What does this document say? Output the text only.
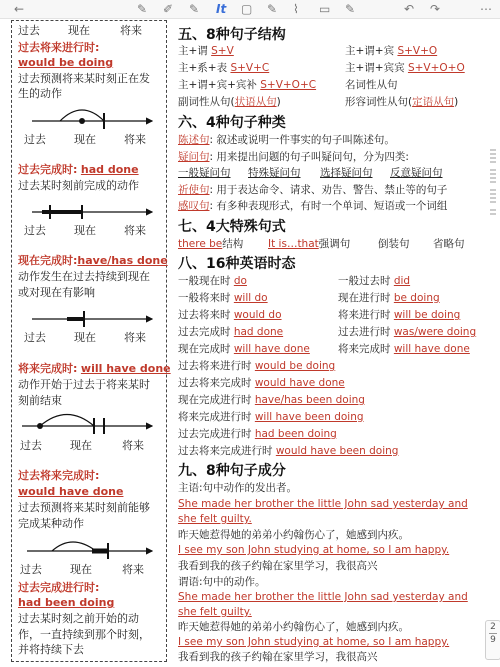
←	✎ ✐ ✎ It ▢ ✎ ⌇ ▭ ✎	↶ ↷	⋯
过去	现在	将来
过去将来进行时:
would be doing
过去预测将来某时刻正在发
生的动作
过去	现在	将来
过去完成时: had done
过去某时刻前完成的动作
过去	现在	将来
现在完成时:have/has done
动作发生在过去持续到现在
或对现在有影响
过去	现在	将来
将来完成时: will have done
动作开始于过去于将来某时
刻前结束
过去	现在	将来
过去将来完成时:
would have done
过去预测将来某时刻前能够
完成某种动作
过去	现在	将来
过去完成进行时:
had been doing
过去某时刻之前开始的动
作，一直持续到那个时刻，
并将持续下去
五、8种句子结构
主+谓 S+V	主+谓+宾 S+V+O
主+系+表 S+V+C	主+谓+宾宾 S+V+O+O
主+谓+宾+宾补 S+V+O+C	名词性从句
副词性从句(状语从句)	形容词性从句(定语从句)
六、4种句子种类
陈述句: 叙述或说明一件事实的句子叫陈述句。
疑问句: 用来提出问题的句子叫疑问句，分为四类:
一般疑问句 特殊疑问句 选择疑问句 反意疑问句
祈使句: 用于表达命令、请求、劝告、警告、禁止等的句子
感叹句: 有多种表现形式，有时一个单词、短语或一个词组
七、4大特殊句式
there be结构 It is…that强调句	倒装句 省略句
八、16种英语时态
一般现在时 do	一般过去时 did
一般将来时 will do	现在进行时 be doing
过去将来时 would do	将来进行时 will be doing
过去完成时 had done	过去进行时 was/were doing
现在完成时 will have done	将来完成时 will have done
过去将来进行时 would be doing
过去将来完成时 would have done
现在完成进行时 have/has been doing
将来完成进行时 will have been doing
过去完成进行时 had been doing
过去将来完成进行时 would have been doing
九、8种句子成分
主语:句中动作的发出者。
She made her brother the little John sad yesterday and
she felt guilty.
昨天她惹得她的弟弟小约翰伤心了，她感到内疚。
I see my son John studying at home, so I am happy.
我看到我的孩子约翰在家里学习，我很高兴
谓语:句中的动作。
She made her brother the little John sad yesterday and
she felt guilty.
昨天她惹得她的弟弟小约翰伤心了，她感到内疚。
I see my son John studying at home, so I am happy.
我看到我的孩子约翰在家里学习，我很高兴
2
9
